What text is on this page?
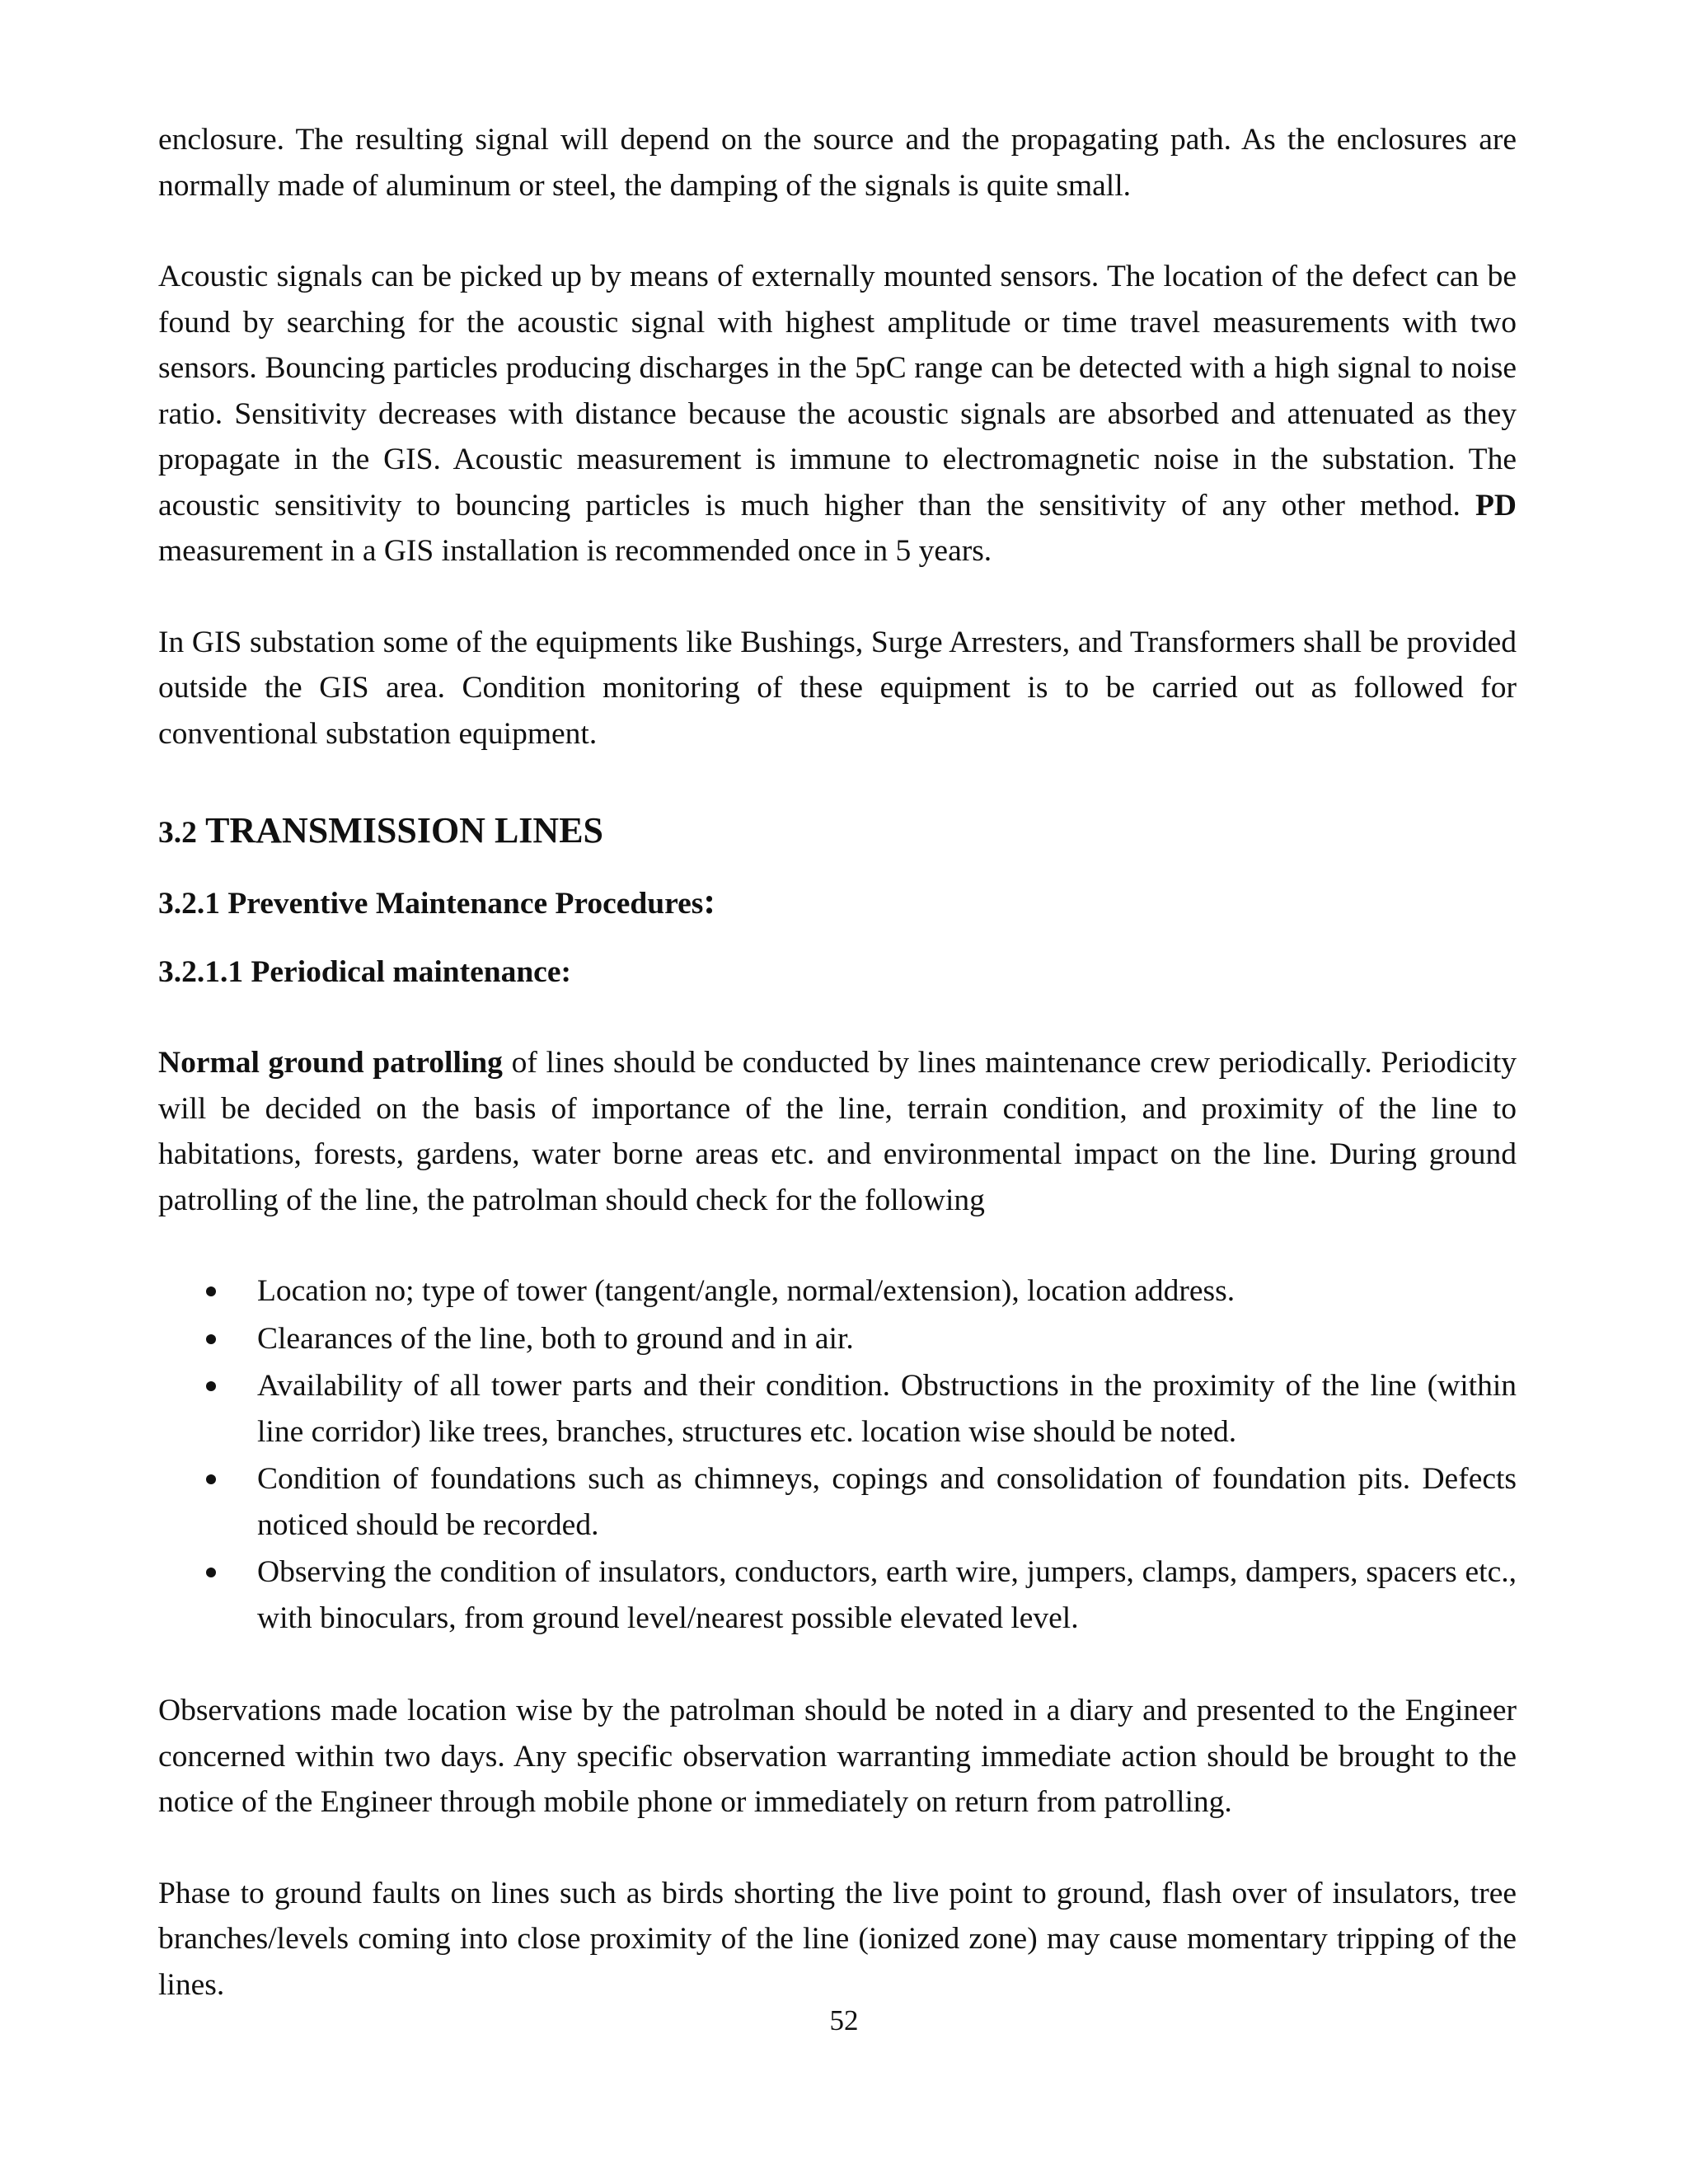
enclosure. The resulting signal will depend on the source and the propagating path. As the enclosures are normally made of aluminum or steel, the damping of the signals is quite small.

Acoustic signals can be picked up by means of externally mounted sensors. The location of the defect can be found by searching for the acoustic signal with highest amplitude or time travel measurements with two sensors. Bouncing particles producing discharges in the 5pC range can be detected with a high signal to noise ratio. Sensitivity decreases with distance because the acoustic signals are absorbed and attenuated as they propagate in the GIS. Acoustic measurement is immune to electromagnetic noise in the substation. The acoustic sensitivity to bouncing particles is much higher than the sensitivity of any other method. PD measurement in a GIS installation is recommended once in 5 years.

In GIS substation some of the equipments like Bushings, Surge Arresters, and Transformers shall be provided outside the GIS area. Condition monitoring of these equipment is to be carried out as followed for conventional substation equipment.

3.2 TRANSMISSION LINES
3.2.1 Preventive Maintenance Procedures:
3.2.1.1 Periodical maintenance:

Normal ground patrolling of lines should be conducted by lines maintenance crew periodically. Periodicity will be decided on the basis of importance of the line, terrain condition, and proximity of the line to habitations, forests, gardens, water borne areas etc. and environmental impact on the line. During ground patrolling of the line, the patrolman should check for the following

Location no; type of tower (tangent/angle, normal/extension), location address.
Clearances of the line, both to ground and in air.
Availability of all tower parts and their condition. Obstructions in the proximity of the line (within line corridor) like trees, branches, structures etc. location wise should be noted.
Condition of foundations such as chimneys, copings and consolidation of foundation pits. Defects noticed should be recorded.
Observing the condition of insulators, conductors, earth wire, jumpers, clamps, dampers, spacers etc., with binoculars, from ground level/nearest possible elevated level.

Observations made location wise by the patrolman should be noted in a diary and presented to the Engineer concerned within two days. Any specific observation warranting immediate action should be brought to the notice of the Engineer through mobile phone or immediately on return from patrolling.

Phase to ground faults on lines such as birds shorting the live point to ground, flash over of insulators, tree branches/levels coming into close proximity of the line (ionized zone) may cause momentary tripping of the lines.

52
